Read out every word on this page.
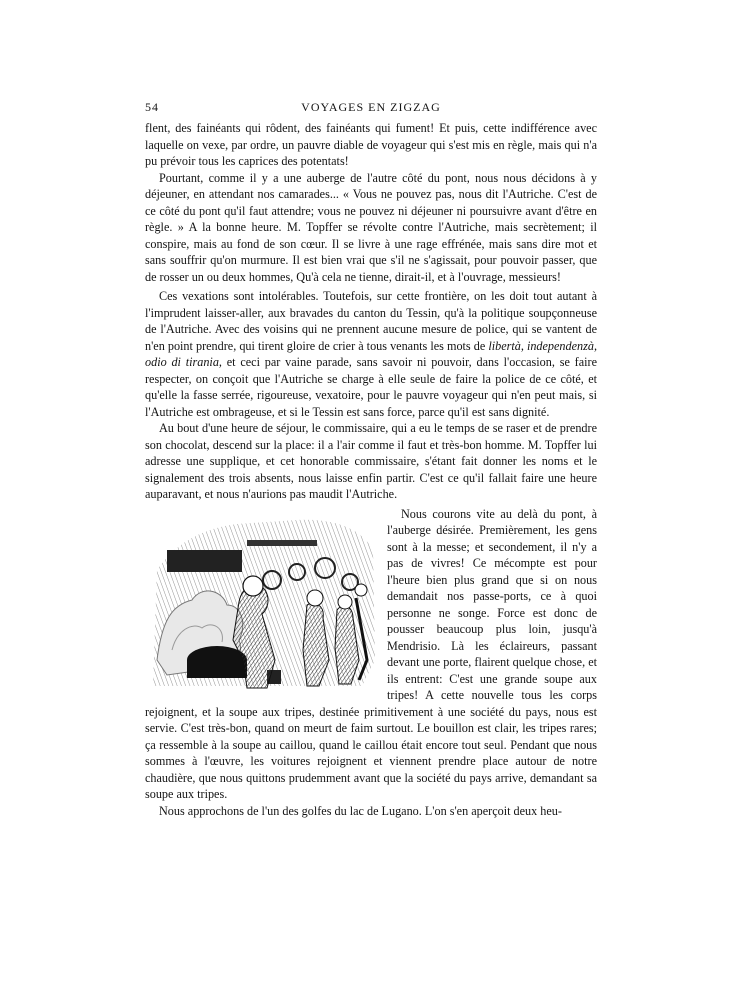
54	VOYAGES EN ZIGZAG

flent, des fainéants qui rôdent, des fainéants qui fument! Et puis, cette indifférence avec laquelle on vexe, par ordre, un pauvre diable de voyageur qui s'est mis en règle, mais qui n'a pu prévoir tous les caprices des potentats!

Pourtant, comme il y a une auberge de l'autre côté du pont, nous nous décidons à y déjeuner, en attendant nos camarades... « Vous ne pouvez pas, nous dit l'Autriche. C'est de ce côté du pont qu'il faut attendre; vous ne pouvez ni déjeuner ni poursuivre avant d'être en règle. » A la bonne heure. M. Topffer se révolte contre l'Autriche, mais secrètement; il conspire, mais au fond de son cœur. Il se livre à une rage effrénée, mais sans dire mot et sans souffrir qu'on murmure. Il est bien vrai que s'il ne s'agissait, pour pouvoir passer, que de rosser un ou deux hommes, Qu'à cela ne tienne, dirait-il, et à l'ouvrage, messieurs!

Ces vexations sont intolérables. Toutefois, sur cette frontière, on les doit tout autant à l'imprudent laisser-aller, aux bravades du canton du Tessin, qu'à la politique soupçonneuse de l'Autriche. Avec des voisins qui ne prennent aucune mesure de police, qui se vantent de n'en point prendre, qui tirent gloire de crier à tous venants les mots de libertà, independenzà, odio di tirania, et ceci par vaine parade, sans savoir ni pouvoir, dans l'occasion, se faire respecter, on conçoit que l'Autriche se charge à elle seule de faire la police de ce côté, et qu'elle la fasse serrée, rigoureuse, vexatoire, pour le pauvre voyageur qui n'en peut mais, si l'Autriche est ombrageuse, et si le Tessin est sans force, parce qu'il est sans dignité.

Au bout d'une heure de séjour, le commissaire, qui a eu le temps de se raser et de prendre son chocolat, descend sur la place: il a l'air comme il faut et très-bon homme. M. Topffer lui adresse une supplique, et cet honorable commissaire, s'étant fait donner les noms et le signalement des trois absents, nous laisse enfin partir. C'est ce qu'il fallait faire une heure auparavant, et nous n'aurions pas maudit l'Autriche.

Nous courons vite au delà du pont, à l'auberge désirée. Premièrement, les gens sont à la messe; et secondement, il n'y a pas de vivres! Ce mécompte est pour l'heure bien plus grand que si on nous demandait nos passe-ports, ce à quoi personne ne songe. Force est donc de pousser beaucoup plus loin, jusqu'à Mendrisio. Là les éclaireurs, passant devant une porte, flairent quelque chose, et ils entrent: C'est une grande soupe aux tripes! A cette nouvelle tous les corps rejoignent, et la soupe aux tripes, destinée primitivement à une société du pays, nous est servie. C'est très-bon, quand on meurt de faim surtout. Le bouillon est clair, les tripes rares; ça ressemble à la soupe au caillou, quand le caillou était encore tout seul. Pendant que nous sommes à l'œuvre, les voitures rejoignent et viennent prendre place autour de notre chaudière, que nous quittons prudemment avant que la société du pays arrive, demandant sa soupe aux tripes.

Nous approchons de l'un des golfes du lac de Lugano. L'on s'en aperçoit deux heu-
